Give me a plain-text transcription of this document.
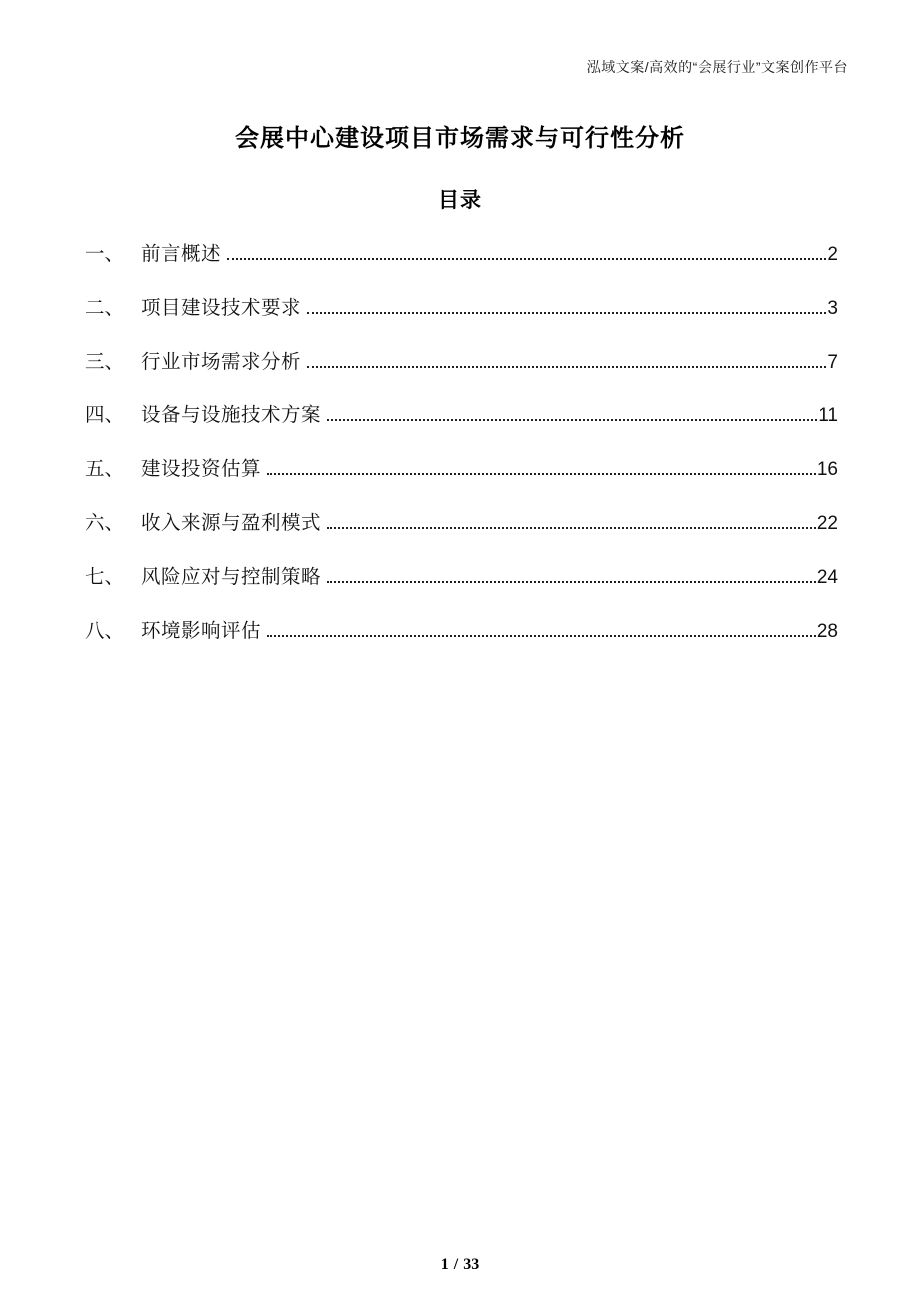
泓域文案/高效的“会展行业”文案创作平台
会展中心建设项目市场需求与可行性分析
目录
一、 前言概述	2
二、 项目建设技术要求	3
三、 行业市场需求分析	7
四、 设备与设施技术方案	11
五、 建设投资估算	16
六、 收入来源与盈利模式	22
七、 风险应对与控制策略	24
八、 环境影响评估	28
1 / 33
